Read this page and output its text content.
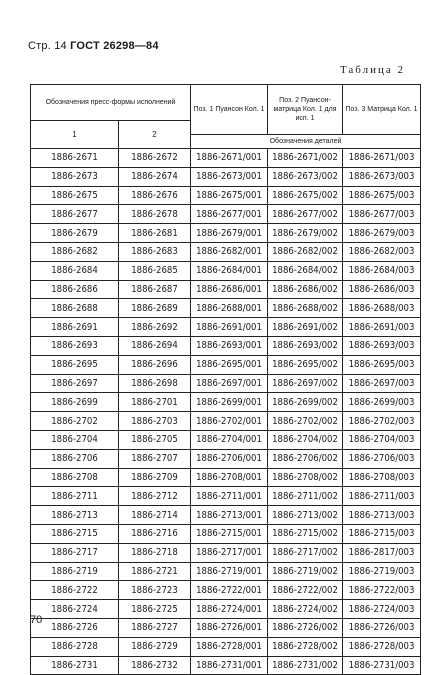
Стр. 14 ГОСТ 26298—84
Таблица 2
Обозначения пресс-формы исполнений		Поз. 1 Пуансон Кол. 1	Поз. 2 Пуансон-матрица Кол. 1 для исп. 1	Поз. 3 Матрица Кол. 1
1	2			
		Обозначения деталей		
1886-2671	1886-2672	1886-2671/001	1886-2671/002	1886-2671/003
1886-2673	1886-2674	1886-2673/001	1886-2673/002	1886-2673/003
1886-2675	1886-2676	1886-2675/001	1886-2675/002	1886-2675/003
1886-2677	1886-2678	1886-2677/001	1886-2677/002	1886-2677/003
1886-2679	1886-2681	1886-2679/001	1886-2679/002	1886-2679/003
1886-2682	1886-2683	1886-2682/001	1886-2682/002	1886-2682/003
1886-2684	1886-2685	1886-2684/001	1886-2684/002	1886-2684/003
1886-2686	1886-2687	1886-2686/001	1886-2686/002	1886-2686/003
1886-2688	1886-2689	1886-2688/001	1886-2688/002	1886-2688/003
1886-2691	1886-2692	1886-2691/001	1886-2691/002	1886-2691/003
1886-2693	1886-2694	1886-2693/001	1886-2693/002	1886-2693/003
1886-2695	1886-2696	1886-2695/001	1886-2695/002	1886-2695/003
1886-2697	1886-2698	1886-2697/001	1886-2697/002	1886-2697/003
1886-2699	1886-2701	1886-2699/001	1886-2699/002	1886-2699/003
1886-2702	1886-2703	1886-2702/001	1886-2702/002	1886-2702/003
1886-2704	1886-2705	1886-2704/001	1886-2704/002	1886-2704/003
1886-2706	1886-2707	1886-2706/001	1886-2706/002	1886-2706/003
1886-2708	1886-2709	1886-2708/001	1886-2708/002	1886-2708/003
1886-2711	1886-2712	1886-2711/001	1886-2711/002	1886-2711/003
1886-2713	1886-2714	1886-2713/001	1886-2713/002	1886-2713/003
1886-2715	1886-2716	1886-2715/001	1886-2715/002	1886-2715/003
1886-2717	1886-2718	1886-2717/001	1886-2717/002	1886-2817/003
1886-2719	1886-2721	1886-2719/001	1886-2719/002	1886-2719/003
1886-2722	1886-2723	1886-2722/001	1886-2722/002	1886-2722/003
1886-2724	1886-2725	1886-2724/001	1886-2724/002	1886-2724/003
1886-2726	1886-2727	1886-2726/001	1886-2726/002	1886-2726/003
1886-2728	1886-2729	1886-2728/001	1886-2728/002	1886-2728/003
1886-2731	1886-2732	1886-2731/001	1886-2731/002	1886-2731/003
70
